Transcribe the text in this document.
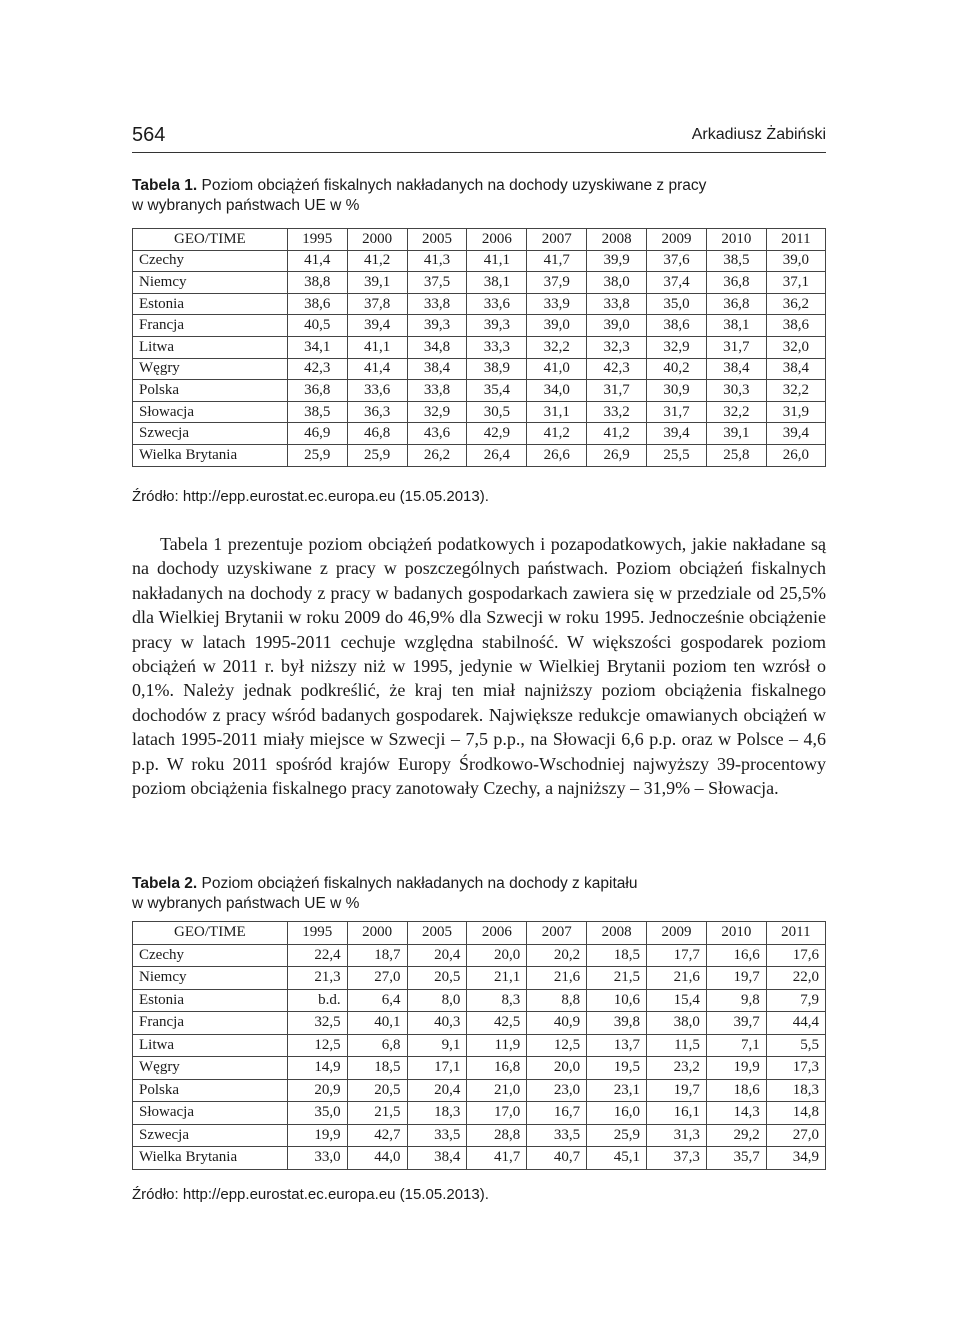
564	Arkadiusz Żabiński
Tabela 1. Poziom obciążeń fiskalnych nakładanych na dochody uzyskiwane z pracy
w wybranych państwach UE w %
GEO/TIME	1995	2000	2005	2006	2007	2008	2009	2010	2011
Czechy	41,4	41,2	41,3	41,1	41,7	39,9	37,6	38,5	39,0
Niemcy	38,8	39,1	37,5	38,1	37,9	38,0	37,4	36,8	37,1
Estonia	38,6	37,8	33,8	33,6	33,9	33,8	35,0	36,8	36,2
Francja	40,5	39,4	39,3	39,3	39,0	39,0	38,6	38,1	38,6
Litwa	34,1	41,1	34,8	33,3	32,2	32,3	32,9	31,7	32,0
Węgry	42,3	41,4	38,4	38,9	41,0	42,3	40,2	38,4	38,4
Polska	36,8	33,6	33,8	35,4	34,0	31,7	30,9	30,3	32,2
Słowacja	38,5	36,3	32,9	30,5	31,1	33,2	31,7	32,2	31,9
Szwecja	46,9	46,8	43,6	42,9	41,2	41,2	39,4	39,1	39,4
Wielka Brytania	25,9	25,9	26,2	26,4	26,6	26,9	25,5	25,8	26,0
Źródło: http://epp.eurostat.ec.europa.eu (15.05.2013).

Tabela 1 prezentuje poziom obciążeń podatkowych i pozapodatkowych, jakie nakładane są na dochody uzyskiwane z pracy w poszczególnych państwach. Poziom obciążeń fiskalnych nakładanych na dochody z pracy w badanych gospodarkach zawiera się w przedziale od 25,5% dla Wielkiej Brytanii w roku 2009 do 46,9% dla Szwecji w roku 1995. Jednocześnie obciążenie pracy w latach 1995-2011 cechuje względna stabilność. W większości gospodarek poziom obciążeń w 2011 r. był niższy niż w 1995, jedynie w Wielkiej Brytanii poziom ten wzrósł o 0,1%. Należy jednak podkreślić, że kraj ten miał najniższy poziom obciążenia fiskalnego dochodów z pracy wśród badanych gospodarek. Największe redukcje omawianych obciążeń w latach 1995-2011 miały miejsce w Szwecji – 7,5 p.p., na Słowacji 6,6 p.p. oraz w Polsce – 4,6 p.p. W roku 2011 spośród krajów Europy Środkowo-Wschodniej najwyższy 39-procentowy poziom obciążenia fiskalnego pracy zanotowały Czechy, a najniższy – 31,9% – Słowacja.

Tabela 2. Poziom obciążeń fiskalnych nakładanych na dochody z kapitału
w wybranych państwach UE w %
GEO/TIME	1995	2000	2005	2006	2007	2008	2009	2010	2011
Czechy	22,4	18,7	20,4	20,0	20,2	18,5	17,7	16,6	17,6
Niemcy	21,3	27,0	20,5	21,1	21,6	21,5	21,6	19,7	22,0
Estonia	b.d.	6,4	8,0	8,3	8,8	10,6	15,4	9,8	7,9
Francja	32,5	40,1	40,3	42,5	40,9	39,8	38,0	39,7	44,4
Litwa	12,5	6,8	9,1	11,9	12,5	13,7	11,5	7,1	5,5
Węgry	14,9	18,5	17,1	16,8	20,0	19,5	23,2	19,9	17,3
Polska	20,9	20,5	20,4	21,0	23,0	23,1	19,7	18,6	18,3
Słowacja	35,0	21,5	18,3	17,0	16,7	16,0	16,1	14,3	14,8
Szwecja	19,9	42,7	33,5	28,8	33,5	25,9	31,3	29,2	27,0
Wielka Brytania	33,0	44,0	38,4	41,7	40,7	45,1	37,3	35,7	34,9
Źródło: http://epp.eurostat.ec.europa.eu (15.05.2013).
